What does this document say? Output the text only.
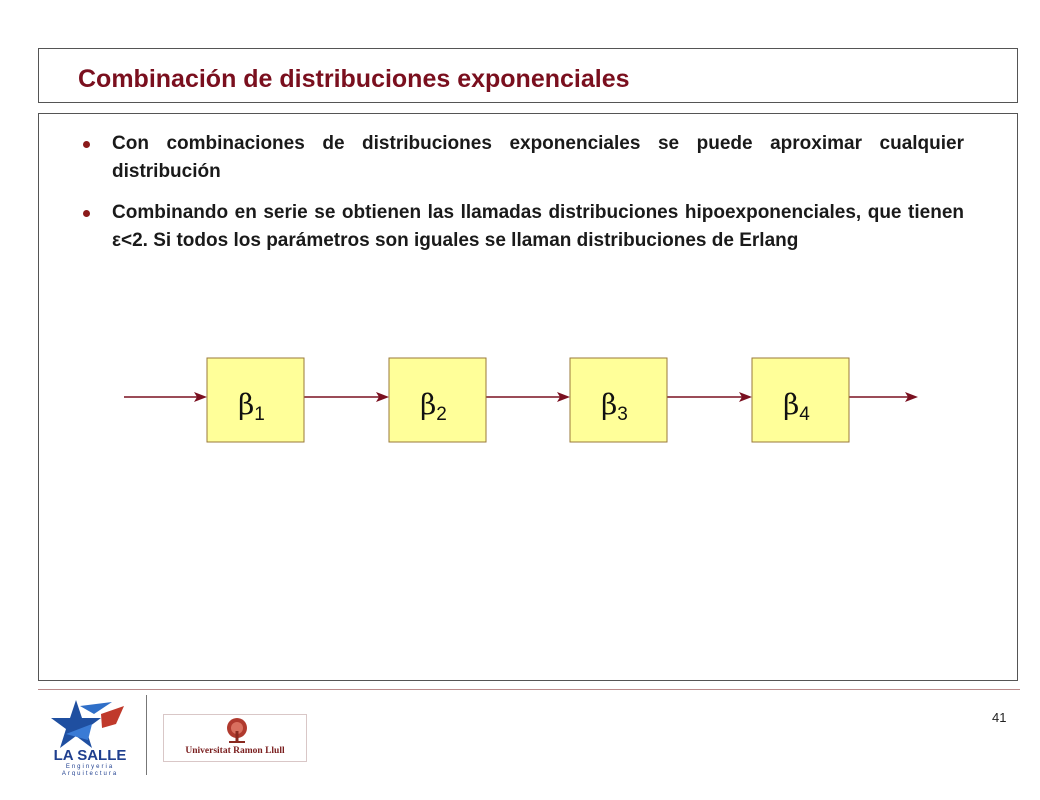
Combinación de distribuciones exponenciales
Con combinaciones de distribuciones exponenciales se puede aproximar cualquier distribución
Combinando en serie se obtienen las llamadas distribuciones hipoexponenciales, que tienen ε<2. Si todos los parámetros son iguales se llaman distribuciones de Erlang
$\beta_1$	$\beta_2$	$\beta_3$	$\beta_4$
LA SALLE
Enginyeria
Arquitectura
Universitat Ramon Llull
41
